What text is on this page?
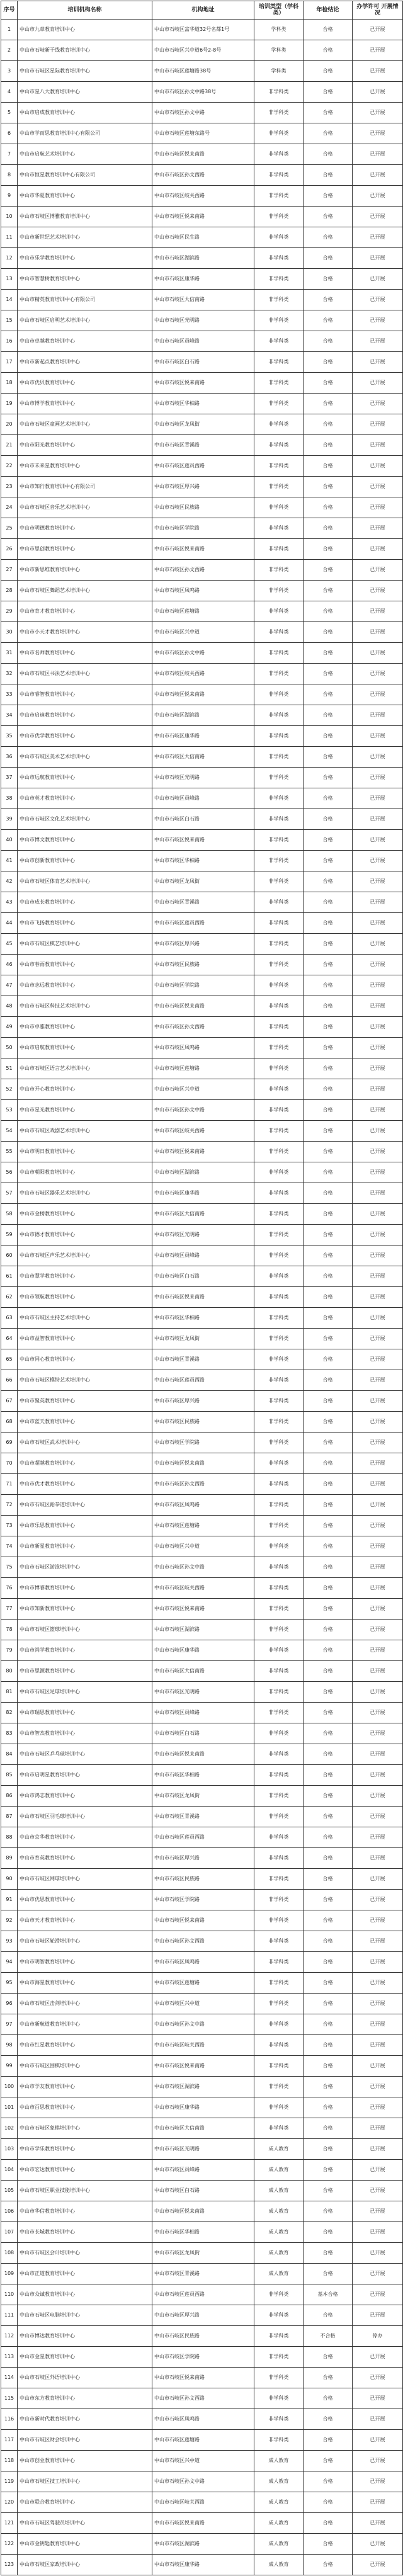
序号	培训机构名称	机构地址	培训类型（学科类）	年检结论	办学许可 开展情况
1	中山市九章教育培训中心	中山市石岐区富华道32号名都1号	学科类	合格	已开展
2	中山市石岐新干线教育培训中心	中山市石岐区兴中道6号2-8号	学科类	合格	已开展
3	中山市石岐区星际教育培训中心	中山市石岐区莲塘路38号	学科类	合格	已开展
4	中山市星八大教育培训中心	中山市石岐区孙文中路38号	非学科类	合格	已开展
5	中山市启成教育培训中心	中山市石岐区孙文中路	非学科类	合格	已开展
6	中山市学而思教育培训中心有限公司	中山市石岐区莲塘东路号	非学科类	合格	已开展
7	中山市启航艺术培训中心	中山市石岐区悦来南路	非学科类	合格	已开展
8	中山市恒星教育培训中心有限公司	中山市石岐区孙文西路	非学科类	合格	已开展
9	中山市华夏教育培训中心	中山市石岐区岐关西路	非学科类	合格	已开展
10	中山市石岐区博雅教育培训中心	中山市石岐区悦来南路	非学科类	合格	已开展
11	中山市新世纪艺术培训中心	中山市石岐区民生路	非学科类	合格	已开展
12	中山市乐学教育培训中心	中山市石岐区湖滨路	非学科类	合格	已开展
13	中山市智慧树教育培训中心	中山市石岐区康华路	非学科类	合格	已开展
14	中山市精英教育培训中心有限公司	中山市石岐区大信南路	非学科类	合格	已开展
15	中山市石岐区启明艺术培训中心	中山市石岐区光明路	非学科类	合格	已开展
16	中山市卓越教育培训中心	中山市石岐区员峰路	非学科类	合格	已开展
17	中山市新起点教育培训中心	中山市石岐区白石路	非学科类	合格	已开展
18	中山市优贝教育培训中心	中山市石岐区悦来南路	非学科类	合格	已开展
19	中山市博学教育培训中心	中山市石岐区华柏路	非学科类	合格	已开展
20	中山市石岐区童画艺术培训中心	中山市石岐区龙凤街	非学科类	合格	已开展
21	中山市阳光教育培训中心	中山市石岐区青溪路	非学科类	合格	已开展
22	中山市未来星教育培训中心	中山市石岐区莲员西路	非学科类	合格	已开展
23	中山市知行教育培训中心有限公司	中山市石岐区厚兴路	非学科类	合格	已开展
24	中山市石岐区音乐艺术培训中心	中山市石岐区民族路	非学科类	合格	已开展
25	中山市明德教育培训中心	中山市石岐区学院路	非学科类	合格	已开展
26	中山市思创教育培训中心	中山市石岐区悦来南路	非学科类	合格	已开展
27	中山市新思维教育培训中心	中山市石岐区孙文西路	非学科类	合格	已开展
28	中山市石岐区舞蹈艺术培训中心	中山市石岐区凤鸣路	非学科类	合格	已开展
29	中山市育才教育培训中心	中山市石岐区莲塘路	非学科类	合格	已开展
30	中山市小天才教育培训中心	中山市石岐区兴中道	非学科类	合格	已开展
31	中山市名师教育培训中心	中山市石岐区孙文中路	非学科类	合格	已开展
32	中山市石岐区书法艺术培训中心	中山市石岐区岐关西路	非学科类	合格	已开展
33	中山市睿智教育培训中心	中山市石岐区悦来南路	非学科类	合格	已开展
34	中山市启迪教育培训中心	中山市石岐区湖滨路	非学科类	合格	已开展
35	中山市优学教育培训中心	中山市石岐区康华路	非学科类	合格	已开展
36	中山市石岐区美术艺术培训中心	中山市石岐区大信南路	非学科类	合格	已开展
37	中山市远航教育培训中心	中山市石岐区光明路	非学科类	合格	已开展
38	中山市英才教育培训中心	中山市石岐区员峰路	非学科类	合格	已开展
39	中山市石岐区文化艺术培训中心	中山市石岐区白石路	非学科类	合格	已开展
40	中山市博文教育培训中心	中山市石岐区悦来南路	非学科类	合格	已开展
41	中山市创新教育培训中心	中山市石岐区华柏路	非学科类	合格	已开展
42	中山市石岐区体育艺术培训中心	中山市石岐区龙凤街	非学科类	合格	已开展
43	中山市成长教育培训中心	中山市石岐区青溪路	非学科类	合格	已开展
44	中山市飞扬教育培训中心	中山市石岐区莲员西路	非学科类	合格	已开展
45	中山市石岐区棋艺培训中心	中山市石岐区厚兴路	非学科类	合格	已开展
46	中山市春雨教育培训中心	中山市石岐区民族路	非学科类	合格	已开展
47	中山市志远教育培训中心	中山市石岐区学院路	非学科类	合格	已开展
48	中山市石岐区科技艺术培训中心	中山市石岐区悦来南路	非学科类	合格	已开展
49	中山市卓雅教育培训中心	中山市石岐区孙文西路	非学科类	合格	已开展
50	中山市启航教育培训中心	中山市石岐区凤鸣路	非学科类	合格	已开展
51	中山市石岐区语言艺术培训中心	中山市石岐区莲塘路	非学科类	合格	已开展
52	中山市开心教育培训中心	中山市石岐区兴中道	非学科类	合格	已开展
53	中山市星光教育培训中心	中山市石岐区孙文中路	非学科类	合格	已开展
54	中山市石岐区戏剧艺术培训中心	中山市石岐区岐关西路	非学科类	合格	已开展
55	中山市明日教育培训中心	中山市石岐区悦来南路	非学科类	合格	已开展
56	中山市朝阳教育培训中心	中山市石岐区湖滨路	非学科类	合格	已开展
57	中山市石岐区器乐艺术培训中心	中山市石岐区康华路	非学科类	合格	已开展
58	中山市金榜教育培训中心	中山市石岐区大信南路	非学科类	合格	已开展
59	中山市德才教育培训中心	中山市石岐区光明路	非学科类	合格	已开展
60	中山市石岐区声乐艺术培训中心	中山市石岐区员峰路	非学科类	合格	已开展
61	中山市慧学教育培训中心	中山市石岐区白石路	非学科类	合格	已开展
62	中山市领航教育培训中心	中山市石岐区悦来南路	非学科类	合格	已开展
63	中山市石岐区主持艺术培训中心	中山市石岐区华柏路	非学科类	合格	已开展
64	中山市益智教育培训中心	中山市石岐区龙凤街	非学科类	合格	已开展
65	中山市同心教育培训中心	中山市石岐区青溪路	非学科类	合格	已开展
66	中山市石岐区模特艺术培训中心	中山市石岐区莲员西路	非学科类	合格	已开展
67	中山市聚英教育培训中心	中山市石岐区厚兴路	非学科类	合格	已开展
68	中山市蓝天教育培训中心	中山市石岐区民族路	非学科类	合格	已开展
69	中山市石岐区武术培训中心	中山市石岐区学院路	非学科类	合格	已开展
70	中山市超越教育培训中心	中山市石岐区悦来南路	非学科类	合格	已开展
71	中山市优才教育培训中心	中山市石岐区孙文西路	非学科类	合格	已开展
72	中山市石岐区跆拳道培训中心	中山市石岐区凤鸣路	非学科类	合格	已开展
73	中山市乐思教育培训中心	中山市石岐区莲塘路	非学科类	合格	已开展
74	中山市新星教育培训中心	中山市石岐区兴中道	非学科类	合格	已开展
75	中山市石岐区游泳培训中心	中山市石岐区孙文中路	非学科类	合格	已开展
76	中山市博睿教育培训中心	中山市石岐区岐关西路	非学科类	合格	已开展
77	中山市知新教育培训中心	中山市石岐区悦来南路	非学科类	合格	已开展
78	中山市石岐区篮球培训中心	中山市石岐区湖滨路	非学科类	合格	已开展
79	中山市尚学教育培训中心	中山市石岐区康华路	非学科类	合格	已开展
80	中山市思源教育培训中心	中山市石岐区大信南路	非学科类	合格	已开展
81	中山市石岐区足球培训中心	中山市石岐区光明路	非学科类	合格	已开展
82	中山市瑞思教育培训中心	中山市石岐区员峰路	非学科类	合格	已开展
83	中山市智杰教育培训中心	中山市石岐区白石路	非学科类	合格	已开展
84	中山市石岐区乒乓球培训中心	中山市石岐区悦来南路	非学科类	合格	已开展
85	中山市启明星教育培训中心	中山市石岐区华柏路	非学科类	合格	已开展
86	中山市鸿志教育培训中心	中山市石岐区龙凤街	非学科类	合格	已开展
87	中山市石岐区羽毛球培训中心	中山市石岐区青溪路	非学科类	合格	已开展
88	中山市京华教育培训中心	中山市石岐区莲员西路	非学科类	合格	已开展
89	中山市育英教育培训中心	中山市石岐区厚兴路	非学科类	合格	已开展
90	中山市石岐区网球培训中心	中山市石岐区民族路	非学科类	合格	已开展
91	中山市优思教育培训中心	中山市石岐区学院路	非学科类	合格	已开展
92	中山市天才教育培训中心	中山市石岐区悦来南路	非学科类	合格	已开展
93	中山市石岐区轮滑培训中心	中山市石岐区孙文西路	非学科类	合格	已开展
94	中山市明智教育培训中心	中山市石岐区凤鸣路	非学科类	合格	已开展
95	中山市海星教育培训中心	中山市石岐区莲塘路	非学科类	合格	已开展
96	中山市石岐区击剑培训中心	中山市石岐区兴中道	非学科类	合格	已开展
97	中山市新航道教育培训中心	中山市石岐区孙文中路	非学科类	合格	已开展
98	中山市红星教育培训中心	中山市石岐区岐关西路	非学科类	合格	已开展
99	中山市石岐区围棋培训中心	中山市石岐区悦来南路	非学科类	合格	已开展
100	中山市学友教育培训中心	中山市石岐区湖滨路	非学科类	合格	已开展
101	中山市百思教育培训中心	中山市石岐区康华路	非学科类	合格	已开展
102	中山市石岐区象棋培训中心	中山市石岐区大信南路	非学科类	合格	已开展
103	中山市学乐教育培训中心	中山市石岐区光明路	成人教育	合格	已开展
104	中山市宏达教育培训中心	中山市石岐区员峰路	成人教育	合格	已开展
105	中山市石岐区职业技能培训中心	中山市石岐区白石路	成人教育	合格	已开展
106	中山市华信教育培训中心	中山市石岐区悦来南路	成人教育	合格	已开展
107	中山市长城教育培训中心	中山市石岐区华柏路	成人教育	合格	已开展
108	中山市石岐区会计培训中心	中山市石岐区龙凤街	成人教育	合格	已开展
109	中山市正道教育培训中心	中山市石岐区青溪路	成人教育	合格	已开展
110	中山市众诚教育培训中心	中山市石岐区莲员西路	非学科类	基本合格	已开展
111	中山市石岐区电脑培训中心	中山市石岐区厚兴路	非学科类	合格	已开展
112	中山市博达教育培训中心	中山市石岐区民族路	非学科类	不合格	停办
113	中山市金星教育培训中心	中山市石岐区学院路	非学科类	合格	已开展
114	中山市石岐区外语培训中心	中山市石岐区悦来南路	非学科类	合格	已开展
115	中山市东方教育培训中心	中山市石岐区孙文西路	非学科类	合格	已开展
116	中山市新时代教育培训中心	中山市石岐区凤鸣路	非学科类	合格	已开展
117	中山市石岐区财会培训中心	中山市石岐区莲塘路	非学科类	合格	已开展
118	中山市创业教育培训中心	中山市石岐区兴中道	成人教育	合格	已开展
119	中山市石岐区技工培训中心	中山市石岐区孙文中路	成人教育	合格	已开展
120	中山市联合教育培训中心	中山市石岐区岐关西路	成人教育	合格	已开展
121	中山市石岐区驾驶员培训中心	中山市石岐区悦来南路	成人教育	合格	已开展
122	中山市金钥匙教育培训中心	中山市石岐区湖滨路	成人教育	合格	已开展
123	中山市石岐区家政培训中心	中山市石岐区康华路	成人教育	合格	已开展
